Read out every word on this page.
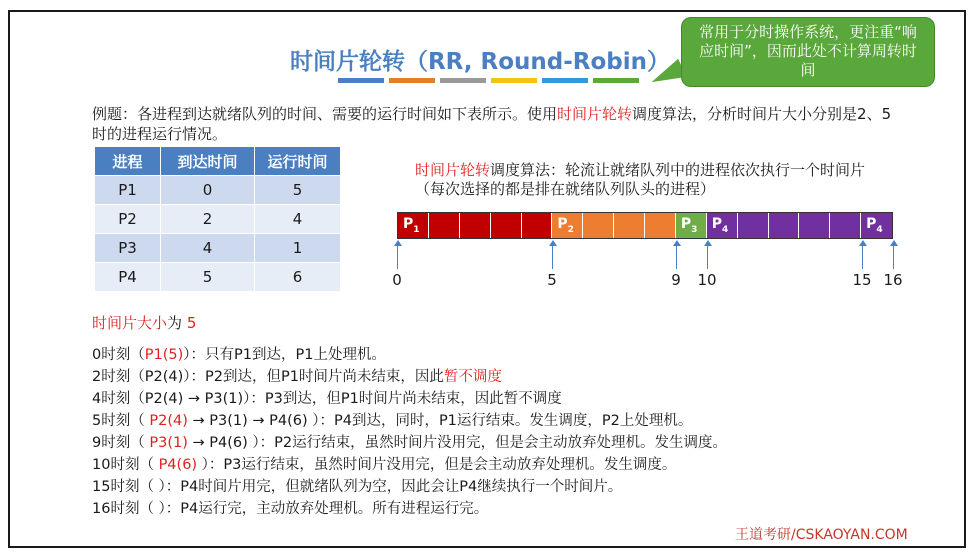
时间片轮转（RR, Round-Robin）
常用于分时操作系统，更注重“响应时间”，因而此处不计算周转时间
例题：各进程到达就绪队列的时间、需要的运行时间如下表所示。使用时间片轮转调度算法，分析时间片大小分别是2、5时的进程运行情况。
进程	到达时间	运行时间
P1	0	5
P2	2	4
P3	4	1
P4	5	6
时间片轮转调度算法：轮流让就绪队列中的进程依次执行一个时间片（每次选择的都是排在就绪队列队头的进程）
$P_1$	$P_2$	$P_3$ $P_4$	$P_4$
0	5	9	10	15 16
时间片大小为 5
0时刻（P1(5)）：只有P1到达，P1上处理机。
2时刻（P2(4)）：P2到达，但P1时间片尚未结束，因此暂不调度
4时刻（P2(4) → P3(1)）：P3到达，但P1时间片尚未结束，因此暂不调度
5时刻（ P2(4) → P3(1) → P4(6) ）：P4到达，同时，P1运行结束。发生调度，P2上处理机。
9时刻（ P3(1) → P4(6) ）：P2运行结束，虽然时间片没用完，但是会主动放弃处理机。发生调度。
10时刻（ P4(6) ）：P3运行结束，虽然时间片没用完，但是会主动放弃处理机。发生调度。
15时刻（ ）：P4时间片用完，但就绪队列为空，因此会让P4继续执行一个时间片。
16时刻（ ）：P4运行完，主动放弃处理机。所有进程运行完。
王道考研/CSKAOYAN.COM
